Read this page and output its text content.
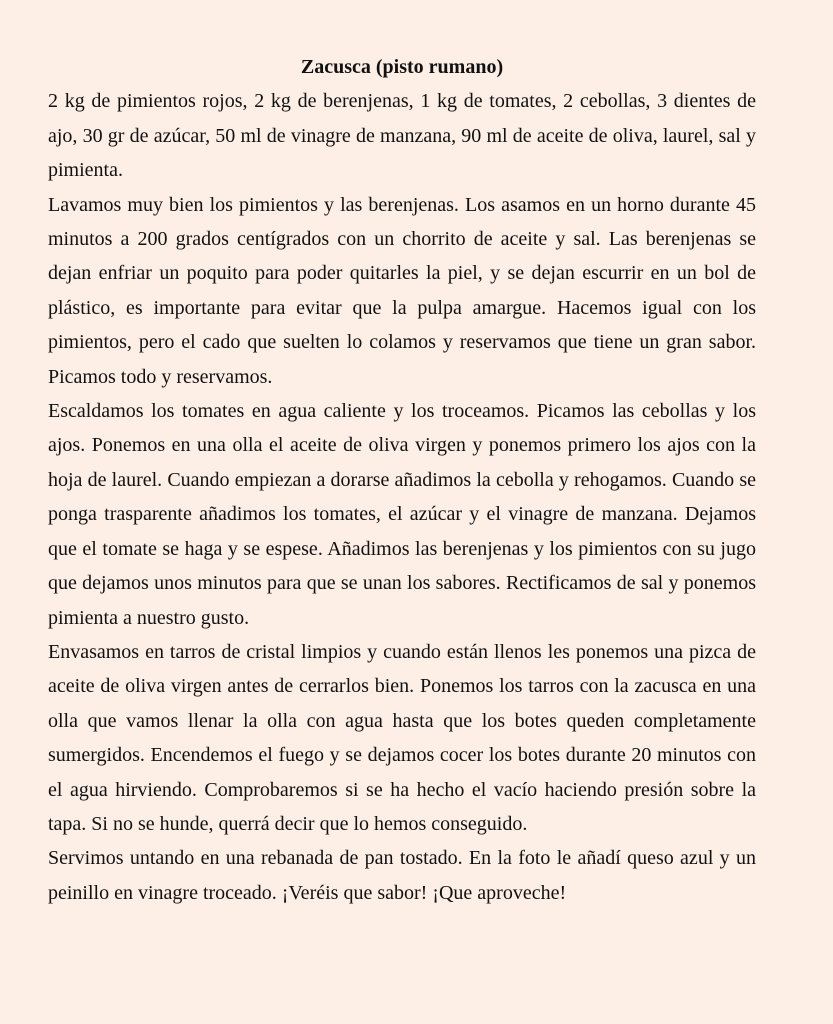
Zacusca (pisto rumano)

2 kg de pimientos rojos, 2 kg de berenjenas, 1 kg de tomates, 2 cebollas, 3 dientes de ajo, 30 gr de azúcar, 50 ml de vinagre de manzana, 90 ml de aceite de oliva, laurel, sal y pimienta.

Lavamos muy bien los pimientos y las berenjenas. Los asamos en un horno durante 45 minutos a 200 grados centígrados con un chorrito de aceite y sal. Las berenjenas se dejan enfriar un poquito para poder quitarles la piel, y se dejan escurrir en un bol de plástico, es importante para evitar que la pulpa amargue. Hacemos igual con los pimientos, pero el cado que suelten lo colamos y reservamos que tiene un gran sabor. Picamos todo y reservamos.

Escaldamos los tomates en agua caliente y los troceamos. Picamos las cebollas y los ajos. Ponemos en una olla el aceite de oliva virgen y ponemos primero los ajos con la hoja de laurel. Cuando empiezan a dorarse añadimos la cebolla y rehogamos. Cuando se ponga trasparente añadimos los tomates, el azúcar y el vinagre de manzana. Dejamos que el tomate se haga y se espese. Añadimos las berenjenas y los pimientos con su jugo que dejamos unos minutos para que se unan los sabores. Rectificamos de sal y ponemos pimienta a nuestro gusto.

Envasamos en tarros de cristal limpios y cuando están llenos les ponemos una pizca de aceite de oliva virgen antes de cerrarlos bien. Ponemos los tarros con la zacusca en una olla que vamos llenar la olla con agua hasta que los botes queden completamente sumergidos. Encendemos el fuego y se dejamos cocer los botes durante 20 minutos con el agua hirviendo. Comprobaremos si se ha hecho el vacío haciendo presión sobre la tapa. Si no se hunde, querrá decir que lo hemos conseguido.

Servimos untando en una rebanada de pan tostado. En la foto le añadí queso azul y un peinillo en vinagre troceado. ¡Veréis que sabor! ¡Que aproveche!
